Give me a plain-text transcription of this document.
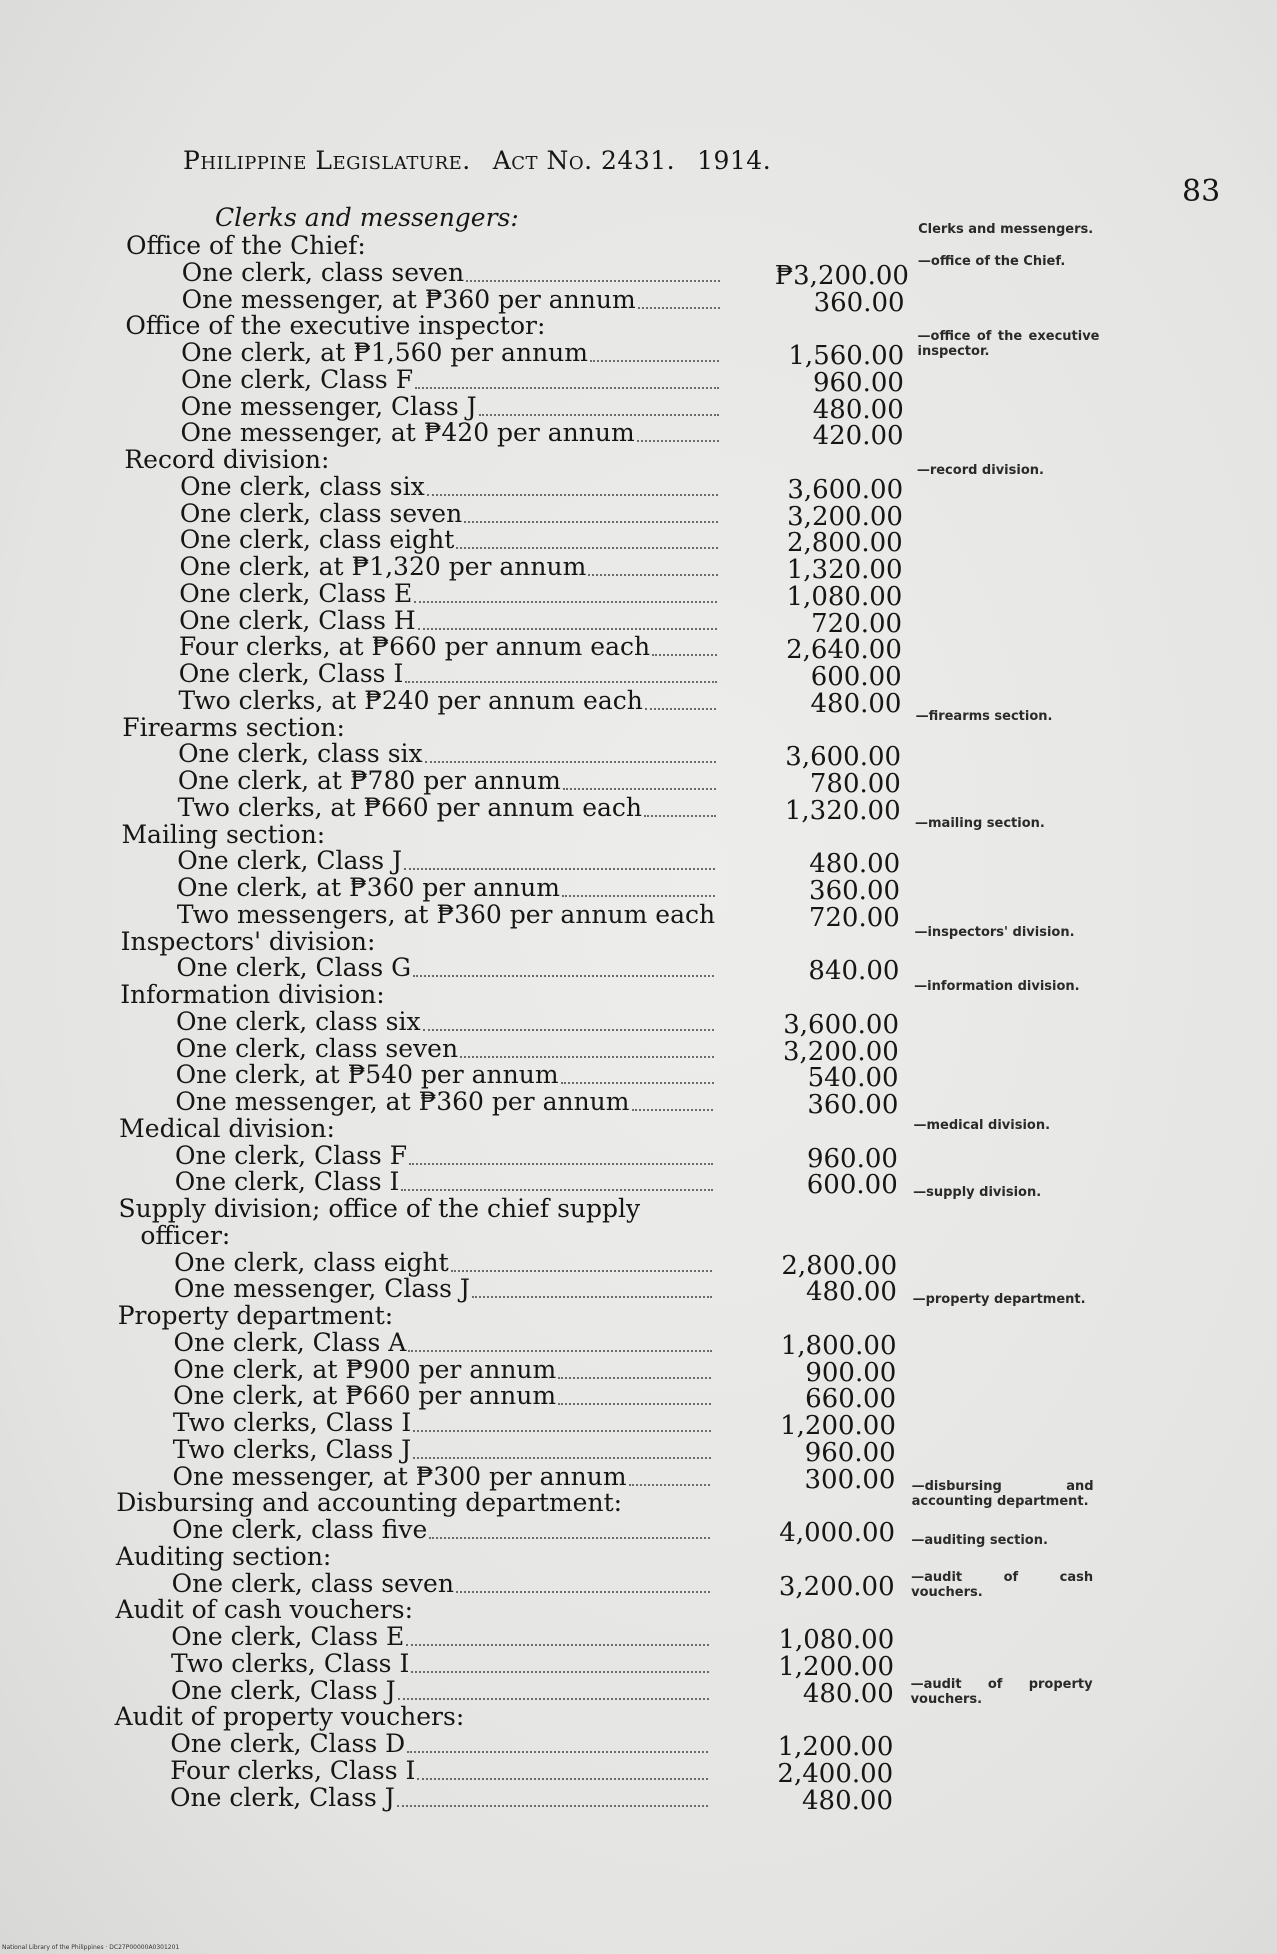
Philippine Legislature. Act No. 2431. 1914.
83
Clerks and messengers:
Office of the Chief:
One clerk, class seven	₱3,200.00
One messenger, at ₱360 per annum	360.00
Office of the executive inspector:
One clerk, at ₱1,560 per annum	1,560.00
One clerk, Class F	960.00
One messenger, Class J	480.00
One messenger, at ₱420 per annum	420.00
Record division:
One clerk, class six	3,600.00
One clerk, class seven	3,200.00
One clerk, class eight	2,800.00
One clerk, at ₱1,320 per annum	1,320.00
One clerk, Class E	1,080.00
One clerk, Class H	720.00
Four clerks, at ₱660 per annum each	2,640.00
One clerk, Class I	600.00
Two clerks, at ₱240 per annum each	480.00
Firearms section:
One clerk, class six	3,600.00
One clerk, at ₱780 per annum	780.00
Two clerks, at ₱660 per annum each	1,320.00
Mailing section:
One clerk, Class J	480.00
One clerk, at ₱360 per annum	360.00
Two messengers, at ₱360 per annum each	720.00
Inspectors' division:
One clerk, Class G	840.00
Information division:
One clerk, class six	3,600.00
One clerk, class seven	3,200.00
One clerk, at ₱540 per annum	540.00
One messenger, at ₱360 per annum	360.00
Medical division:
One clerk, Class F	960.00
One clerk, Class I	600.00
Supply division; office of the chief supply
officer:
One clerk, class eight	2,800.00
One messenger, Class J	480.00
Property department:
One clerk, Class A	1,800.00
One clerk, at ₱900 per annum	900.00
One clerk, at ₱660 per annum	660.00
Two clerks, Class I	1,200.00
Two clerks, Class J	960.00
One messenger, at ₱300 per annum	300.00
Disbursing and accounting department:
One clerk, class five	4,000.00
Auditing section:
One clerk, class seven	3,200.00
Audit of cash vouchers:
One clerk, Class E	1,080.00
Two clerks, Class I	1,200.00
One clerk, Class J	480.00
Audit of property vouchers:
One clerk, Class D	1,200.00
Four clerks, Class I	2,400.00
One clerk, Class J	480.00
Clerks and messengers.
—office of the Chief.
—office of the executive inspector.
—record division.
—firearms section.
—mailing section.
—inspectors' division.
—information division.
—medical division.
—supply division.
—property department.
—disbursing and accounting department.
—auditing section.
—audit of cash vouchers.
—audit of property vouchers.
National Library of the Philippines · DC27P00000A0301201
